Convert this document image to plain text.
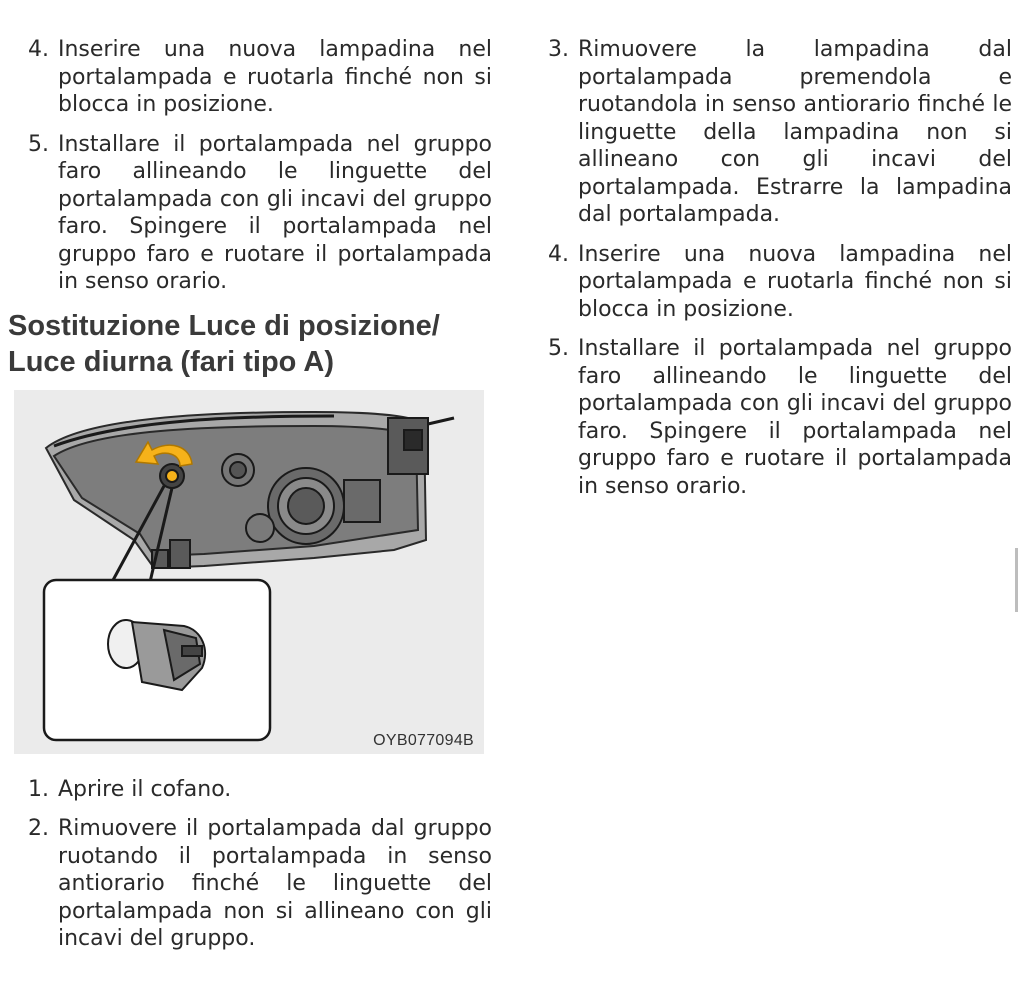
4. Inserire una nuova lampadina nel portalampada e ruotarla finché non si blocca in posizione.
5. Installare il portalampada nel gruppo faro allineando le linguette del portalampada con gli incavi del gruppo faro. Spingere il portalampada nel gruppo faro e ruotare il portalampada in senso orario.
Sostituzione Luce di posizione/
Luce diurna (fari tipo A)
OYB077094B
1. Aprire il cofano.
2. Rimuovere il portalampada dal gruppo ruotando il portalampada in senso antiorario finché le linguette del portalampada non si allineano con gli incavi del gruppo.
3. Rimuovere la lampadina dal portalampada premendola e ruotandola in senso antiorario finché le linguette della lampadina non si allineano con gli incavi del portalampada. Estrarre la lampadina dal portalampada.
4. Inserire una nuova lampadina nel portalampada e ruotarla finché non si blocca in posizione.
5. Installare il portalampada nel gruppo faro allineando le linguette del portalampada con gli incavi del gruppo faro. Spingere il portalampada nel gruppo faro e ruotare il portalampada in senso orario.
